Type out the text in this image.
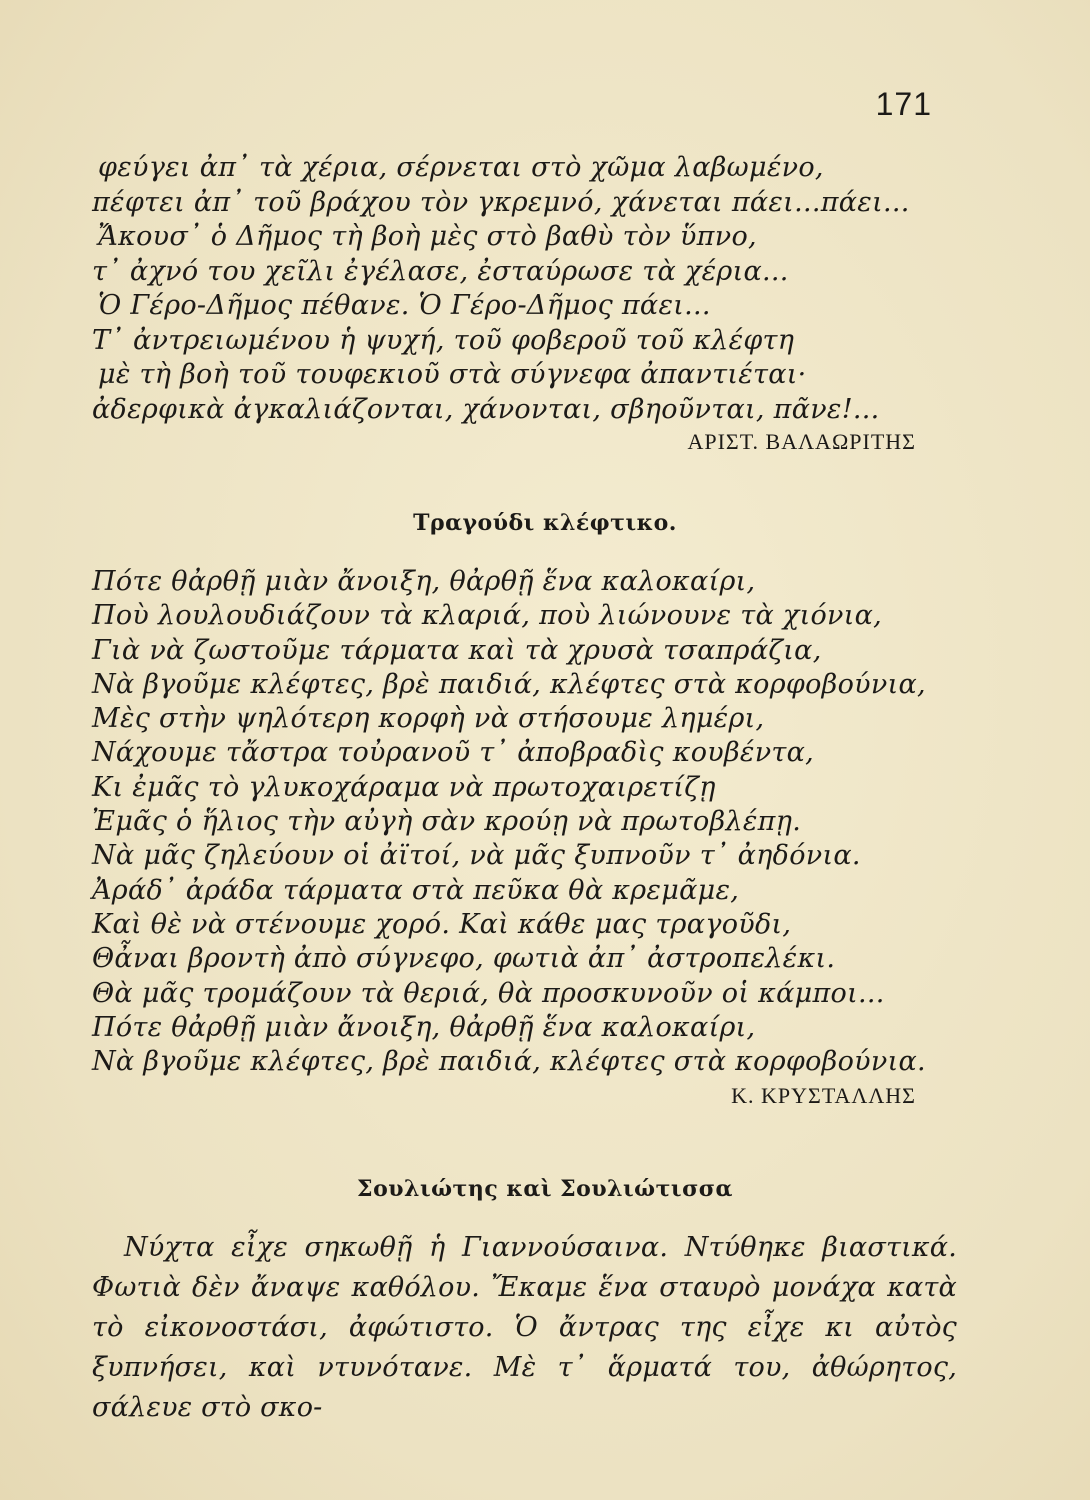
171
φεύγει ἀπ᾽ τὰ χέρια, σέρνεται στὸ χῶμα λαβωμένο,
πέφτει ἀπ᾽ τοῦ βράχου τὸν γκρεμνό, χάνεται πάει...πάει...
Ἄκουσ᾽ ὁ Δῆμος τὴ βοὴ μὲς στὸ βαθὺ τὸν ὕπνο,
τ᾽ ἀχνό του χεῖλι ἐγέλασε, ἐσταύρωσε τὰ χέρια...
Ὁ Γέρο-Δῆμος πέθανε. Ὁ Γέρο-Δῆμος πάει...
Τ᾽ ἀντρειωμένου ἡ ψυχή, τοῦ φοβεροῦ τοῦ κλέφτη
μὲ τὴ βοὴ τοῦ τουφεκιοῦ στὰ σύγνεφα ἀπαντιέται·
ἀδερφικὰ ἀγκαλιάζονται, χάνονται, σβηοῦνται, πᾶνε!...
ΑΡΙΣΤ. ΒΑΛΑΩΡΙΤΗΣ
Τραγούδι κλέφτικο.
Πότε θἀρθῇ μιὰν ἄνοιξη, θἀρθῇ ἕνα καλοκαίρι,
Ποὺ λουλουδιάζουν τὰ κλαριά, ποὺ λιώνουνε τὰ χιόνια,
Γιὰ νὰ ζωστοῦμε τάρματα καὶ τὰ χρυσὰ τσαπράζια,
Νὰ βγοῦμε κλέφτες, βρὲ παιδιά, κλέφτες στὰ κορφοβούνια,
Μὲς στὴν ψηλότερη κορφὴ νὰ στήσουμε λημέρι,
Νάχουμε τἄστρα τοὐρανοῦ τ᾽ ἀποβραδὶς κουβέντα,
Κι ἐμᾶς τὸ γλυκοχάραμα νὰ πρωτοχαιρετίζῃ
Ἐμᾶς ὁ ἥλιος τὴν αὐγὴ σὰν κρούῃ νὰ πρωτοβλέπῃ.
Νὰ μᾶς ζηλεύουν οἱ ἀϊτοί, νὰ μᾶς ξυπνοῦν τ᾽ ἀηδόνια.
Ἀράδ᾽ ἀράδα τάρματα στὰ πεῦκα θὰ κρεμᾶμε,
Καὶ θὲ νὰ στένουμε χορό. Καὶ κάθε μας τραγοῦδι,
Θἆναι βροντὴ ἀπὸ σύγνεφο, φωτιὰ ἀπ᾽ ἀστροπελέκι.
Θὰ μᾶς τρομάζουν τὰ θεριά, θὰ προσκυνοῦν οἱ κάμποι...
Πότε θἀρθῇ μιὰν ἄνοιξη, θἀρθῇ ἕνα καλοκαίρι,
Νὰ βγοῦμε κλέφτες, βρὲ παιδιά, κλέφτες στὰ κορφοβούνια.
Κ. ΚΡΥΣΤΑΛΛΗΣ
Σουλιώτης καὶ Σουλιώτισσα
Νύχτα εἶχε σηκωθῇ ἡ Γιαννούσαινα. Ντύθηκε βιαστικά. Φωτιὰ δὲν ἄναψε καθόλου. Ἔκαμε ἕνα σταυρὸ μονάχα κατὰ τὸ εἰκονοστάσι, ἀφώτιστο. Ὁ ἄντρας της εἶχε κι αὐτὸς ξυπνήσει, καὶ ντυνότανε. Μὲ τ᾽ ἅρματά του, ἀθώρητος, σάλευε στὸ σκο-
